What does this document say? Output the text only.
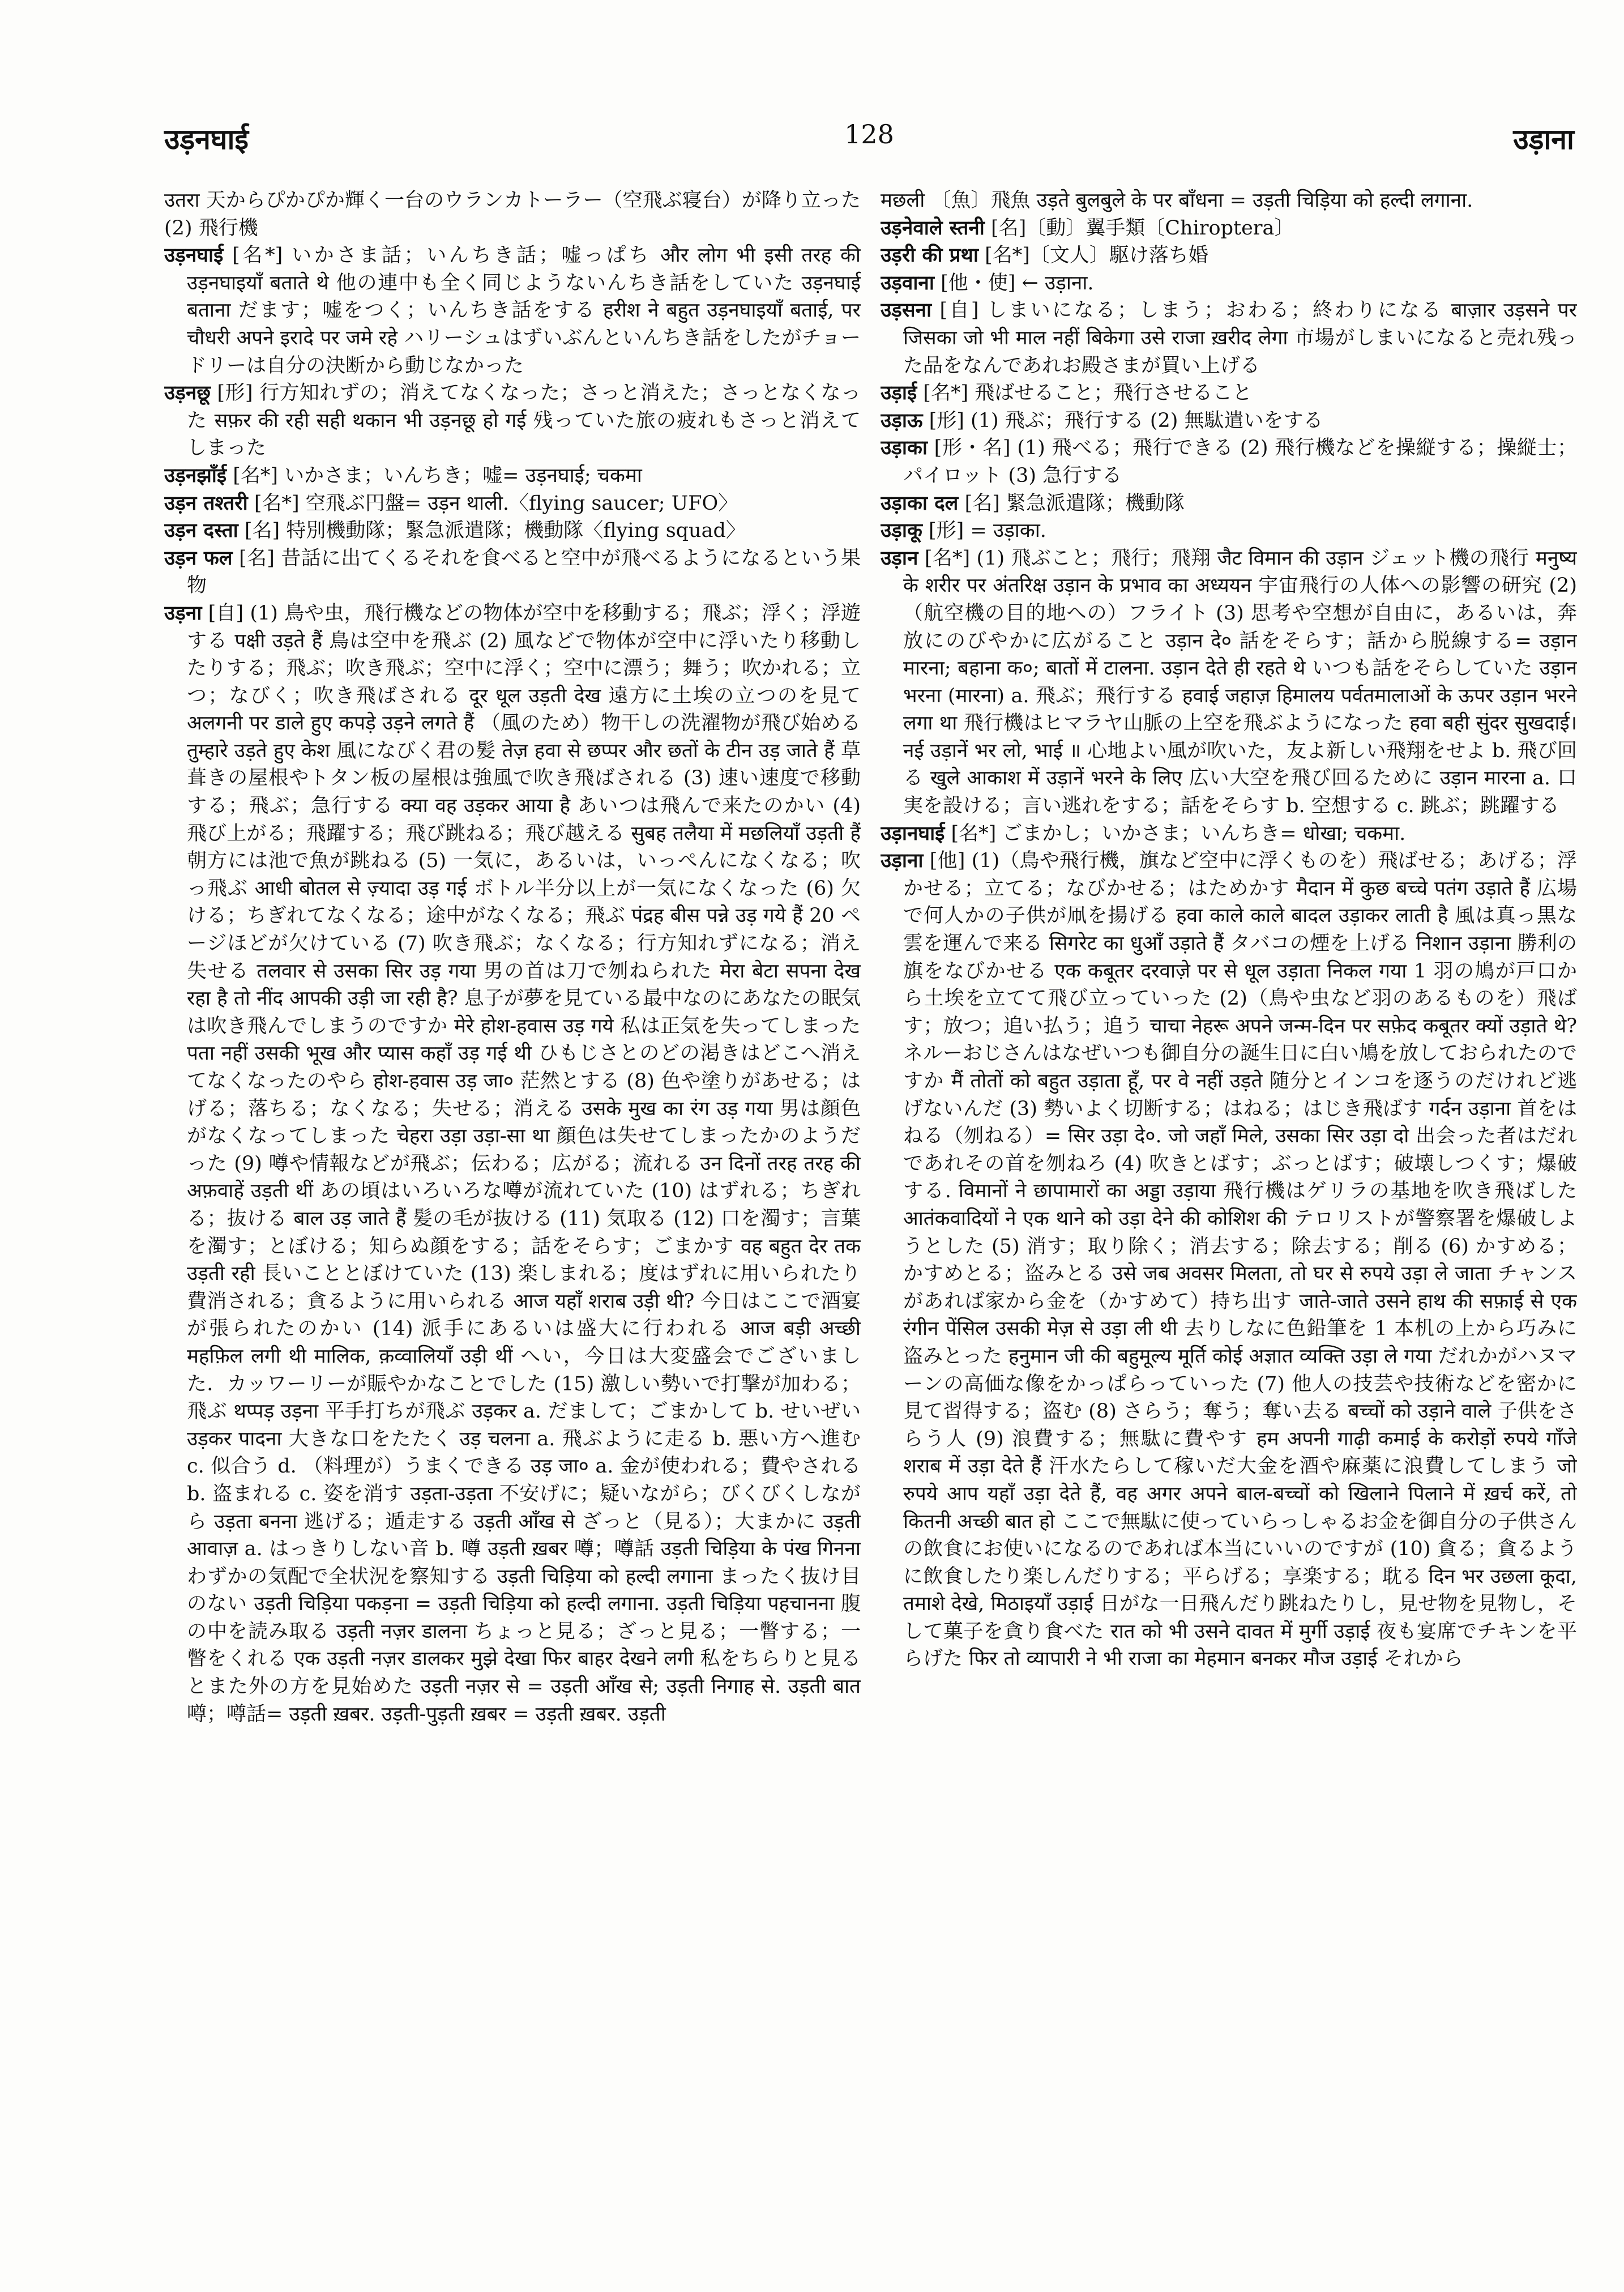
उड़नघाई	128	उड़ाना

उतरा 天からぴかぴか輝く一台のウランカトーラー（空飛ぶ寝台）が降り立った (2) 飛行機

उड़नघाई [名*] いかさま話；いんちき話；嘘っぱち और लोग भी इसी तरह की उड़नघाइयाँ बताते थे 他の連中も全く同じようないんちき話をしていた उड़नघाई बताना だます；嘘をつく；いんちき話をする हरीश ने बहुत उड़नघाइयाँ बताई, पर चौधरी अपने इरादे पर जमे रहे ハリーシュはずいぶんといんちき話をしたがチョードリーは自分の決断から動じなかった

उड़नछू [形] 行方知れずの；消えてなくなった；さっと消えた；さっとなくなった सफ़र की रही सही थकान भी उड़नछू हो गई 残っていた旅の疲れもさっと消えてしまった

उड़नझाँई [名*] いかさま；いんちき；嘘= उड़नघाई; चकमा

उड़न तश्तरी [名*] 空飛ぶ円盤= उड़न थाली.〈flying saucer; UFO〉

उड़न दस्ता [名] 特別機動隊；緊急派遣隊；機動隊〈flying squad〉

उड़न फल [名] 昔話に出てくるそれを食べると空中が飛べるようになるという果物

उड़ना [自] (1) 鳥や虫，飛行機などの物体が空中を移動する；飛ぶ；浮く；浮遊する पक्षी उड़ते हैं 鳥は空中を飛ぶ (2) 風などで物体が空中に浮いたり移動したりする；飛ぶ；吹き飛ぶ；空中に浮く；空中に漂う；舞う；吹かれる；立つ；なびく；吹き飛ばされる दूर धूल उड़ती देख 遠方に土埃の立つのを見て अलगनी पर डाले हुए कपड़े उड़ने लगते हैं （風のため）物干しの洗濯物が飛び始める तुम्हारे उड़ते हुए केश 風になびく君の髪 तेज़ हवा से छप्पर और छतों के टीन उड़ जाते हैं 草葺きの屋根やトタン板の屋根は強風で吹き飛ばされる (3) 速い速度で移動する；飛ぶ；急行する क्या वह उड़कर आया है あいつは飛んで来たのかい (4) 飛び上がる；飛躍する；飛び跳ねる；飛び越える सुबह तलैया में मछलियाँ उड़ती हैं 朝方には池で魚が跳ねる (5) 一気に，あるいは，いっぺんになくなる；吹っ飛ぶ आधी बोतल से ज़्यादा उड़ गई ボトル半分以上が一気になくなった (6) 欠ける；ちぎれてなくなる；途中がなくなる；飛ぶ पंद्रह बीस पन्ने उड़ गये हैं 20 ページほどが欠けている (7) 吹き飛ぶ；なくなる；行方知れずになる；消え失せる तलवार से उसका सिर उड़ गया 男の首は刀で刎ねられた मेरा बेटा सपना देख रहा है तो नींद आपकी उड़ी जा रही है? 息子が夢を見ている最中なのにあなたの眠気は吹き飛んでしまうのですか मेरे होश-हवास उड़ गये 私は正気を失ってしまった पता नहीं उसकी भूख और प्यास कहाँ उड़ गई थी ひもじさとのどの渇きはどこへ消えてなくなったのやら होश-हवास उड़ जा० 茫然とする (8) 色や塗りがあせる；はげる；落ちる；なくなる；失せる；消える उसके मुख का रंग उड़ गया 男は顔色がなくなってしまった चेहरा उड़ा उड़ा-सा था 顔色は失せてしまったかのようだった (9) 噂や情報などが飛ぶ；伝わる；広がる；流れる उन दिनों तरह तरह की अफ़वाहें उड़ती थीं あの頃はいろいろな噂が流れていた (10) はずれる；ちぎれる；抜ける बाल उड़ जाते हैं 髪の毛が抜ける (11) 気取る (12) 口を濁す；言葉を濁す；とぼける；知らぬ顔をする；話をそらす；ごまかす वह बहुत देर तक उड़ती रही 長いこととぼけていた (13) 楽しまれる；度はずれに用いられたり費消される；貪るように用いられる आज यहाँ शराब उड़ी थी? 今日はここで酒宴が張られたのかい (14) 派手にあるいは盛大に行われる आज बड़ी अच्छी महफ़िल लगी थी मालिक, क़व्वालियाँ उड़ी थीं へい，今日は大変盛会でございました．カッワーリーが賑やかなことでした (15) 激しい勢いで打撃が加わる；飛ぶ थप्पड़ उड़ना 平手打ちが飛ぶ उड़कर a. だまして；ごまかして b. せいぜい उड़कर पादना 大きな口をたたく उड़ चलना a. 飛ぶように走る b. 悪い方へ進む c. 似合う d. （料理が）うまくできる उड़ जा० a. 金が使われる；費やされる b. 盗まれる c. 姿を消す उड़ता-उड़ता 不安げに；疑いながら；びくびくしながら उड़ता बनना 逃げる；遁走する उड़ती आँख से ざっと（見る）；大まかに उड़ती आवाज़ a. はっきりしない音 b. 噂 उड़ती ख़बर 噂；噂話 उड़ती चिड़िया के पंख गिनना わずかの気配で全状況を察知する उड़ती चिड़िया को हल्दी लगाना まったく抜け目のない उड़ती चिड़िया पकड़ना = उड़ती चिड़िया को हल्दी लगाना. उड़ती चिड़िया पहचानना 腹の中を読み取る उड़ती नज़र डालना ちょっと見る；ざっと見る；一瞥する；一瞥をくれる एक उड़ती नज़र डालकर मुझे देखा फिर बाहर देखने लगी 私をちらりと見るとまた外の方を見始めた उड़ती नज़र से = उड़ती आँख से; उड़ती निगाह से. उड़ती बात 噂；噂話= उड़ती ख़बर. उड़ती-पुड़ती ख़बर = उड़ती ख़बर. उड़ती

मछली 〔魚〕飛魚 उड़ते बुलबुले के पर बाँधना = उड़ती चिड़िया को हल्दी लगाना.

उड़नेवाले स्तनी [名]〔動〕翼手類〔Chiroptera〕

उड़री की प्रथा [名*]〔文人〕駆け落ち婚

उड़वाना [他・使] ← उड़ाना.

उड़सना [自] しまいになる；しまう；おわる；終わりになる बाज़ार उड़सने पर जिसका जो भी माल नहीं बिकेगा उसे राजा ख़रीद लेगा 市場がしまいになると売れ残った品をなんであれお殿さまが買い上げる

उड़ाई [名*] 飛ばせること；飛行させること

उड़ाऊ [形] (1) 飛ぶ；飛行する (2) 無駄遣いをする

उड़ाका [形・名] (1) 飛べる；飛行できる (2) 飛行機などを操縦する；操縦士；パイロット (3) 急行する

उड़ाका दल [名] 緊急派遣隊；機動隊

उड़ाकू [形] = उड़ाका.

उड़ान [名*] (1) 飛ぶこと；飛行；飛翔 जैट विमान की उड़ान ジェット機の飛行 मनुष्य के शरीर पर अंतरिक्ष उड़ान के प्रभाव का अध्ययन 宇宙飛行の人体への影響の研究 (2)（航空機の目的地への）フライト (3) 思考や空想が自由に，あるいは，奔放にのびやかに広がること उड़ान दे० 話をそらす；話から脱線する= उड़ान मारना; बहाना क०; बातों में टालना. उड़ान देते ही रहते थे いつも話をそらしていた उड़ान भरना (मारना) a. 飛ぶ；飛行する हवाई जहाज़ हिमालय पर्वतमालाओं के ऊपर उड़ान भरने लगा था 飛行機はヒマラヤ山脈の上空を飛ぶようになった हवा बही सुंदर सुखदाई। नई उड़ानें भर लो, भाई ॥ 心地よい風が吹いた，友よ新しい飛翔をせよ b. 飛び回る खुले आकाश में उड़ानें भरने के लिए 広い大空を飛び回るために उड़ान मारना a. 口実を設ける；言い逃れをする；話をそらす b. 空想する c. 跳ぶ；跳躍する

उड़ानघाई [名*] ごまかし；いかさま；いんちき= धोखा; चकमा.

उड़ाना [他] (1)（鳥や飛行機，旗など空中に浮くものを）飛ばせる；あげる；浮かせる；立てる；なびかせる；はためかす मैदान में कुछ बच्चे पतंग उड़ाते हैं 広場で何人かの子供が凧を揚げる हवा काले काले बादल उड़ाकर लाती है 風は真っ黒な雲を運んで来る सिगरेट का धुआँ उड़ाते हैं タバコの煙を上げる निशान उड़ाना 勝利の旗をなびかせる एक कबूतर दरवाज़े पर से धूल उड़ाता निकल गया 1 羽の鳩が戸口から土埃を立てて飛び立っていった (2)（鳥や虫など羽のあるものを）飛ばす；放つ；追い払う；追う चाचा नेहरू अपने जन्म-दिन पर सफ़ेद कबूतर क्यों उड़ाते थे? ネルーおじさんはなぜいつも御自分の誕生日に白い鳩を放しておられたのですか मैं तोतों को बहुत उड़ाता हूँ, पर वे नहीं उड़ते 随分とインコを逐うのだけれど逃げないんだ (3) 勢いよく切断する；はねる；はじき飛ばす गर्दन उड़ाना 首をはねる（刎ねる）= सिर उड़ा दे०. जो जहाँ मिले, उसका सिर उड़ा दो 出会った者はだれであれその首を刎ねろ (4) 吹きとばす；ぶっとばす；破壊しつくす；爆破する. विमानों ने छापामारों का अड्डा उड़ाया 飛行機はゲリラの基地を吹き飛ばした आतंकवादियों ने एक थाने को उड़ा देने की कोशिश की テロリストが警察署を爆破しようとした (5) 消す；取り除く；消去する；除去する；削る (6) かすめる；かすめとる；盗みとる उसे जब अवसर मिलता, तो घर से रुपये उड़ा ले जाता チャンスがあれば家から金を（かすめて）持ち出す जाते-जाते उसने हाथ की सफ़ाई से एक रंगीन पेंसिल उसकी मेज़ से उड़ा ली थी 去りしなに色鉛筆を 1 本机の上から巧みに盗みとった हनुमान जी की बहुमूल्य मूर्ति कोई अज्ञात व्यक्ति उड़ा ले गया だれかがハヌマーンの高価な像をかっぱらっていった (7) 他人の技芸や技術などを密かに見て習得する；盗む (8) さらう；奪う；奪い去る बच्चों को उड़ाने वाले 子供をさらう人 (9) 浪費する；無駄に費やす हम अपनी गाढ़ी कमाई के करोड़ों रुपये गाँजे शराब में उड़ा देते हैं 汗水たらして稼いだ大金を酒や麻薬に浪費してしまう जो रुपये आप यहाँ उड़ा देते हैं, वह अगर अपने बाल-बच्चों को खिलाने पिलाने में ख़र्च करें, तो कितनी अच्छी बात हो ここで無駄に使っていらっしゃるお金を御自分の子供さんの飲食にお使いになるのであれば本当にいいのですが (10) 貪る；貪るように飲食したり楽しんだりする；平らげる；享楽する；耽る दिन भर उछला कूदा, तमाशे देखे, मिठाइयाँ उड़ाई 日がな一日飛んだり跳ねたりし，見せ物を見物し，そして菓子を貪り食べた रात को भी उसने दावत में मुर्गी उड़ाई 夜も宴席でチキンを平らげた फिर तो व्यापारी ने भी राजा का मेहमान बनकर मौज उड़ाई それから
